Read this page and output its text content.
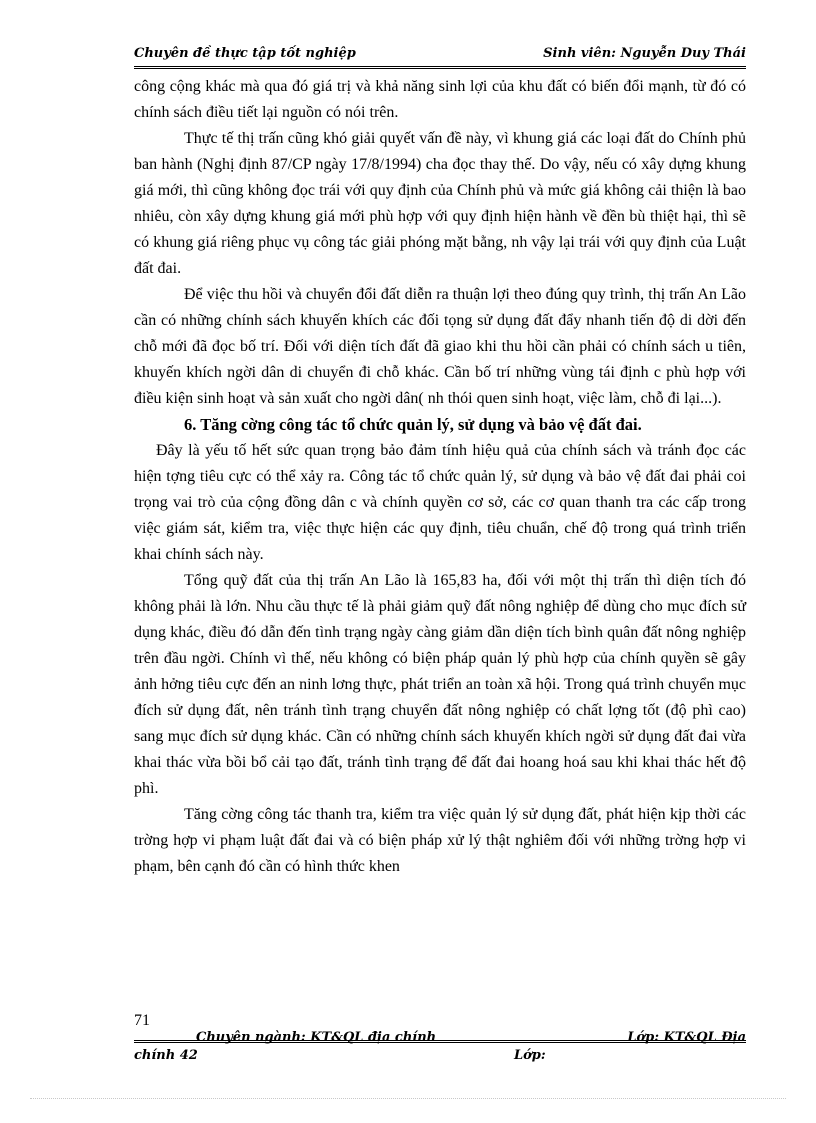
Chuyên đề thực tập tốt nghiệp	Sinh viên: Nguyễn Duy Thái

công cộng khác mà qua đó giá trị và khả năng sinh lợi của khu đất có biến đổi mạnh, từ đó có chính sách điều tiết lại nguồn có nói trên.

Thực tế thị trấn cũng khó giải quyết vấn đề này, vì khung giá các loại đất do Chính phủ ban hành (Nghị định 87/CP ngày 17/8/1994) cha đọc thay thế. Do vậy, nếu có xây dựng khung giá mới, thì cũng không đọc trái với quy định của Chính phủ và mức giá không cải thiện là bao nhiêu, còn xây dựng khung giá mới phù hợp với quy định hiện hành về đền bù thiệt hại, thì sẽ có khung giá riêng phục vụ công tác giải phóng mặt bằng, nh vậy lại trái với quy định của Luật đất đai.

Để việc thu hồi và chuyển đổi đất diễn ra thuận lợi theo đúng quy trình, thị trấn An Lão cần có những chính sách khuyến khích các đối tọng sử dụng đất đẩy nhanh tiến độ di dời đến chỗ mới đã đọc bố trí. Đối với diện tích đất đã giao khi thu hồi cần phải có chính sách u tiên, khuyến khích ngời dân di chuyển đi chỗ khác. Cần bố trí những vùng tái định c phù hợp với điều kiện sinh hoạt và sản xuất cho ngời dân( nh thói quen sinh hoạt, việc làm, chỗ đi lại...).

6. Tăng cờng công tác tổ chức quản lý, sử dụng và bảo vệ đất đai.

Đây là yếu tố hết sức quan trọng bảo đảm tính hiệu quả của chính sách và tránh đọc các hiện tợng tiêu cực có thể xảy ra. Công tác tổ chức quản lý, sử dụng và bảo vệ đất đai phải coi trọng vai trò của cộng đồng dân c và chính quyền cơ sở, các cơ quan thanh tra các cấp trong việc giám sát, kiểm tra, việc thực hiện các quy định, tiêu chuẩn, chế độ trong quá trình triển khai chính sách này.

Tổng quỹ đất của thị trấn An Lão là 165,83 ha, đối với một thị trấn thì diện tích đó không phải là lớn. Nhu cầu thực tế là phải giảm quỹ đất nông nghiệp để dùng cho mục đích sử dụng khác, điều đó dẫn đến tình trạng ngày càng giảm dần diện tích bình quân đất nông nghiệp trên đầu ngời. Chính vì thế, nếu không có biện pháp quản lý phù hợp của chính quyền sẽ gây ảnh hởng tiêu cực đến an ninh lơng thực, phát triển an toàn xã hội. Trong quá trình chuyển mục đích sử dụng đất, nên tránh tình trạng chuyển đất nông nghiệp có chất lợng tốt (độ phì cao) sang mục đích sử dụng khác. Cần có những chính sách khuyến khích ngời sử dụng đất đai vừa khai thác vừa bồi bổ cải tạo đất, tránh tình trạng để đất đai hoang hoá sau khi khai thác hết độ phì.

Tăng cờng công tác thanh tra, kiểm tra việc quản lý sử dụng đất, phát hiện kịp thời các trờng hợp vi phạm luật đất đai và có biện pháp xử lý thật nghiêm đối với những trờng hợp vi phạm, bên cạnh đó cần có hình thức khen

71
Chuyên ngành: KT&QL địa chính	Lớp: KT&QL Địa
chính 42	Lớp:
